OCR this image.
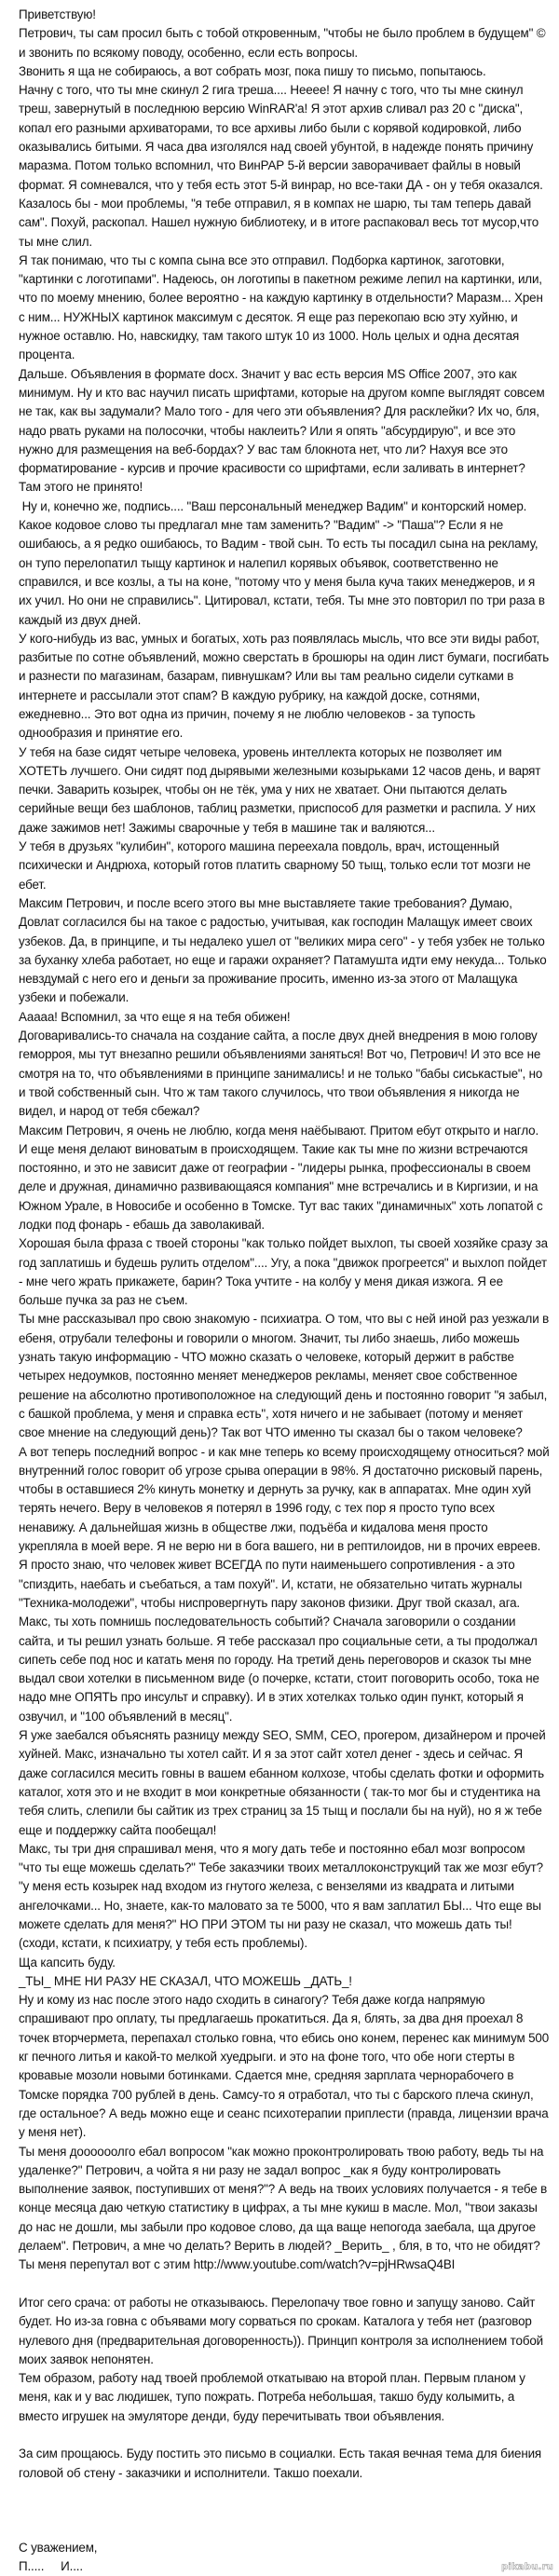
Приветствую!

Петрович, ты сам просил быть с тобой откровенным, "чтобы не было проблем в будущем" © и звонить по всякому поводу, особенно, если есть вопросы.

Звонить я ща не собираюсь, а вот собрать мозг, пока пишу то письмо, попытаюсь.

Начну с того, что ты мне скинул 2 гига треша.... Неeee! Я начну с того, что ты мне скинул треш, завернутый в последнюю версию WinRAR'a! Я этот архив сливал раз 20 с "диска", копал его разными архиваторами, то все архивы либо были с корявой кодировкой, либо оказывались битыми. Я часа два изголялся над своей убунтой, в надежде понять причину маразма. Потом только вспомнил, что ВинРАР 5-й версии заворачивает файлы в новый формат. Я сомневался, что у тебя есть этот 5-й винрар, но все-таки ДА - он у тебя оказался. Казалось бы - мои проблемы, "я тебе отправил, я в компах не шарю, ты там теперь давай сам". Похуй, раскопал. Нашел нужную библиотеку, и в итоге распаковал весь тот мусор,что ты мне слил.

Я так понимаю, что ты с компа сына все это отправил. Подборка картинок, заготовки, "картинки с логотипами". Надеюсь, он логотипы в пакетном режиме лепил на картинки, или, что по моему мнению, более вероятно - на каждую картинку в отдельности? Маразм... Хрен с ним... НУЖНЫХ картинок максимум с десяток. Я еще раз перекопаю всю эту хуйню, и нужное оставлю. Но, навскидку, там такого штук 10 из 1000. Ноль целых и одна десятая процента.

Дальше. Объявления в формате docx. Значит у вас есть версия MS Office 2007, это как минимум. Ну и кто вас научил писать шрифтами, которые на другом компе выглядят совсем не так, как вы задумали? Мало того - для чего эти объявления? Для расклейки? Их чо, бля, надо рвать руками на полосочки, чтобы наклеить? Или я опять "абсурдирую", и все это нужно для размещения на веб-бордах? У вас там блокнота нет, что ли? Нахуя все это форматирование - курсив и прочие красивости со шрифтами, если заливать в интернет? Там этого не принято!

Ну и, конечно же, подпись.... "Ваш персональный менеджер Вадим" и конторский номер. Какое кодовое слово ты предлагал мне там заменить? "Вадим" -> "Паша"? Если я не ошибаюсь, а я редко ошибаюсь, то Вадим - твой сын. То есть ты посадил сына на рекламу, он тупо перелопатил тыщу картинок и налепил корявых объявок, соответственно не справился, и все козлы, а ты на коне, "потому что у меня была куча таких менеджеров, и я их учил. Но они не справились". Цитировал, кстати, тебя. Ты мне это повторил по три раза в каждый из двух дней.

У кого-нибудь из вас, умных и богатых, хоть раз появлялась мысль, что все эти виды работ, разбитые по сотне объявлений, можно сверстать в брошюры на один лист бумаги, посгибать и разнести по магазинам, базарам, пивнушкам? Или вы там реально сидели сутками в интернете и рассылали этот спам? В каждую рубрику, на каждой доске, сотнями, ежедневно... Это вот одна из причин, почему я не люблю человеков - за тупость однообразия и принятие его.

У тебя на базе сидят четыре человека, уровень интеллекта которых не позволяет им ХОТЕТЬ лучшего. Они сидят под дырявыми железными козырьками 12 часов день, и варят печки. Заварить козырек, чтобы он не тёк, ума у них не хватает. Они пытаются делать серийные вещи без шаблонов, таблиц разметки, приспособ для разметки и распила. У них даже зажимов нет! Зажимы сварочные у тебя в машине так и валяются...

У тебя в друзьях "кулибин", которого машина переехала повдоль, врач, истощенный психически и Андрюха, который готов платить сварному 50 тыщ, только если тот мозги не ебет.

Максим Петрович, и после всего этого вы мне выставляете такие требования? Думаю, Довлат согласился бы на такое с радостью, учитывая, как господин Малащук имеет своих узбеков. Да, в принципе, и ты недалеко ушел от "великих мира сего" - у тебя узбек не только за буханку хлеба работает, но еще и гаражи охраняет? Патамушта идти ему некуда... Только невздумай с него его и деньги за проживание просить, именно из-за этого от Малащука узбеки и побежали.

Ааааа! Вспомнил, за что еще я на тебя обижен!

Договаривались-то сначала на создание сайта, а после двух дней внедрения в мою голову геморроя, мы тут внезапно решили объявлениями заняться! Вот чо, Петрович! И это все не смотря на то, что объявлениями в принципе занимались! и не только "бабы сиськастые", но и твой собственный сын. Что ж там такого случилось, что твои объявления я никогда не видел, и народ от тебя сбежал?

Максим Петрович, я очень не люблю, когда меня наёбывают. Притом ебут открыто и нагло. И еще меня делают виноватым в происходящем. Такие как ты мне по жизни встречаются постоянно, и это не зависит даже от географии - "лидеры рынка, профессионалы в своем деле и дружная, динамично развивающаяся компания" мне встречались и в Киргизии, и на Южном Урале, в Новосибе и особенно в Томске. Тут вас таких "динамичных" хоть лопатой с лодки под фонарь - ебашь да заволакивай.

Хорошая была фраза с твоей стороны "как только пойдет выхлоп, ты своей хозяйке сразу за год заплатишь и будешь рулить отделом".... Угу, а пока "движок прогреется" и выхлоп пойдет - мне чего жрать прикажете, барин? Тока учтите - на колбу у меня дикая изжога. Я ее больше пучка за раз не съем.

Ты мне рассказывал про свою знакомую - психиатра. О том, что вы с ней иной раз уезжали в ебеня, отрубали телефоны и говорили о многом. Значит, ты либо знаешь, либо можешь узнать такую информацию - ЧТО можно сказать о человеке, который держит в рабстве четырех недоумков, постоянно меняет менеджеров рекламы, меняет свое собственное решение на абсолютно противоположное на следующий день и постоянно говорит "я забыл, с башкой проблема, у меня и справка есть", хотя ничего и не забывает (потому и меняет свое мнение на следующий день)? Так вот ЧТО именно ты сказал бы о таком человеке?

А вот теперь последний вопрос - и как мне теперь ко всему происходящему относиться? мой внутренний голос говорит об угрозе срыва операции в 98%. Я достаточно рисковый парень, чтобы в оставшиеся 2% кинуть монетку и дернуть за ручку, как в аппаратах. Мне один хуй терять нечего. Веру в человеков я потерял в 1996 году, с тех пор я просто тупо всех ненавижу. А дальнейшая жизнь в обществе лжи, подъёба и кидалова меня просто укрепляла в моей вере. Я не верю ни в бога вашего, ни в рептилоидов, ни в прочих евреев. Я просто знаю, что человек живет ВСЕГДА по пути наименьшего сопротивления - а это "спиздить, наебать и съебаться, а там похуй". И, кстати, не обязательно читать журналы "Техника-молодежи", чтобы ниспровергнуть пару законов физики. Друг твой сказал, ага.

Макс, ты хоть помнишь последовательность событий? Сначала заговорили о создании сайта, и ты решил узнать больше. Я тебе рассказал про социальные сети, а ты продолжал сипеть себе под нос и катать меня по городу. На третий день переговоров и сказок ты мне выдал свои хотелки в письменном виде (о почерке, кстати, стоит поговорить особо, тока не надо мне ОПЯТЬ про инсульт и справку). И в этих хотелках только один пункт, который я озвучил, и "100 объявлений в месяц".

Я уже заебался объяснять разницу между SEO, SMM, CEO, прогером, дизайнером и прочей хуйней. Макс, изначально ты хотел сайт. И я за этот сайт хотел денег - здесь и сейчас. Я даже согласился месить говны в вашем ебанном колхозе, чтобы сделать фотки и оформить каталог, хотя это и не входит в мои конкретные обязанности ( так-то мог бы и студентика на тебя слить, слепили бы сайтик из трех страниц за 15 тыщ и послали бы на нуй), но я ж тебе еще и поддержку сайта пообещал!

Макс, ты три дня спрашивал меня, что я могу дать тебе и постоянно ебал мозг вопросом "что ты еще можешь сделать?" Тебе заказчики твоих металлоконструкций так же мозг ебут? "у меня есть козырек над входом из гнутого железа, с вензелями из квадрата и литыми ангелочками... Но, знаете, как-то маловато за те 5000, что я вам заплатил БЫ... Что еще вы можете сделать для меня?" НО ПРИ ЭТОМ ты ни разу не сказал, что можешь дать ты! (сходи, кстати, к психиатру, у тебя есть проблемы).

Ща капсить буду.

_ТЫ_ МНЕ НИ РАЗУ НЕ СКАЗАЛ, ЧТО МОЖЕШЬ _ДАТЬ_!

Ну и кому из нас после этого надо сходить в синагогу? Тебя даже когда напрямую спрашивают про оплату, ты предлагаешь прокатиться. Да я, блять, за два дня проехал 8 точек вторчермета, перепахал столько говна, что ебись оно конем, перенес как минимум 500 кг печного литья и какой-то мелкой хуедрыги. и это на фоне того, что обе ноги стерты в кровавые мозоли новыми ботинками. Сдается мне, средняя зарплата чернорабочего в Томске порядка 700 рублей в день. Самсу-то я отработал, что ты с барского плеча скинул, где остальное? А ведь можно еще и сеанс психотерапии приплести (правда, лицензии врача у меня нет).

Ты меня доооооолго ебал вопросом "как можно проконтролировать твою работу, ведь ты на удаленке?" Петрович, а чойта я ни разу не задал вопрос _как я буду контролировать выполнение заявок, поступивших от меня?"? А ведь на твоих условиях получается - я тебе в конце месяца даю четкую статистику в цифрах, а ты мне кукиш в масле. Мол, "твои заказы до нас не дошли, мы забыли про кодовое слово, да ща ваще непогода заебала, ща другое делаем". Петрович, а мне чо делать? Верить в людей? _Верить_ , бля, в то, что не обидят? Ты меня перепутал вот с этим http://www.youtube.com/watch?v=pjHRwsaQ4BI

Итог сего срача: от работы не отказываюсь. Перелопачу твое говно и запущу заново. Сайт будет. Но из-за говна с объявами могу сорваться по срокам. Каталога у тебя нет (разговор нулевого дня (предварительная договоренность)). Принцип контроля за исполнением тобой моих заявок непонятен.

Тем образом, работу над твоей проблемой откатываю на второй план. Первым планом у меня, как и у вас людишек, тупо пожрать. Потреба небольшая, такшо буду колымить, а вместо игрушек на эмуляторе денди, буду перечитывать твои объявления.

За сим прощаюсь. Буду постить это письмо в социалки. Есть такая вечная тема для биения головой об стену - заказчики и исполнители. Такшо поехали.

С уважением,

П.....     И....	pikabu.ru
